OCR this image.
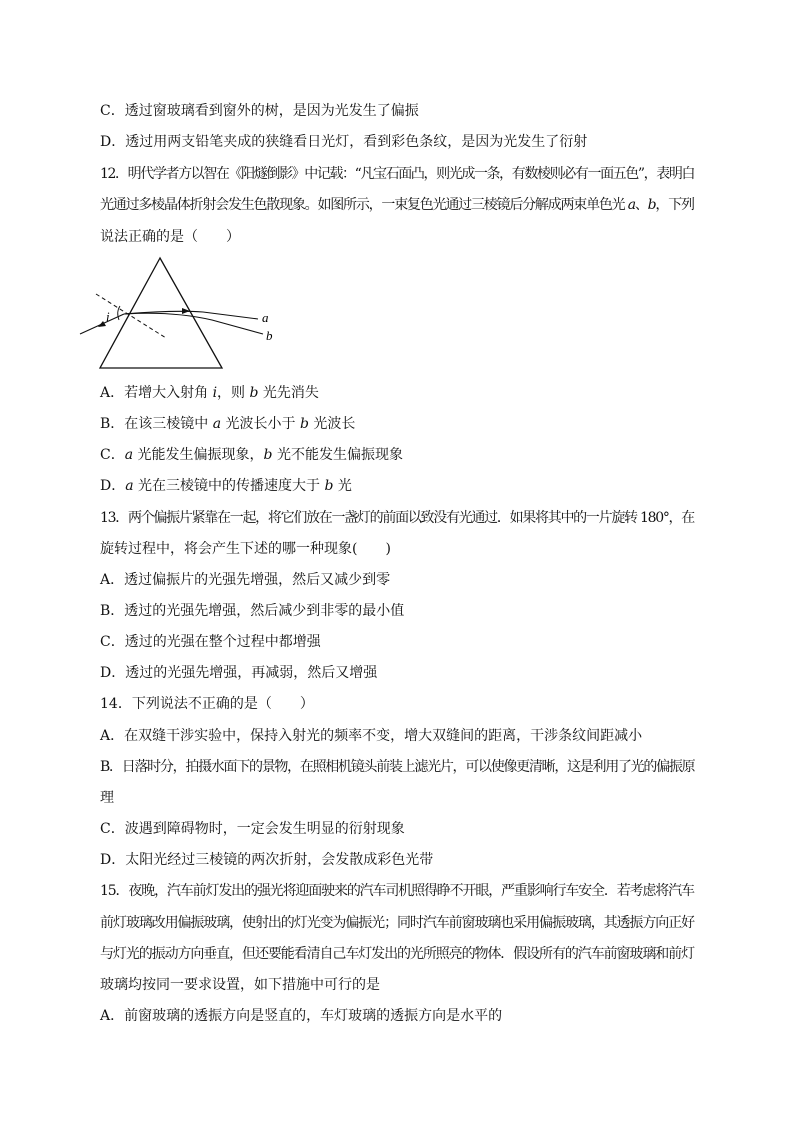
C．透过窗玻璃看到窗外的树，是因为光发生了偏振
D．透过用两支铅笔夹成的狭缝看日光灯，看到彩色条纹，是因为光发生了衍射
12．明代学者方以智在《阳燧倒影》中记载：“凡宝石面凸，则光成一条，有数棱则必有一面五色”，表明白
光通过多棱晶体折射会发生色散现象。如图所示，一束复色光通过三棱镜后分解成两束单色光 a、b，下列
说法正确的是（　　）
i	a
b
A．若增大入射角 i，则 b 光先消失
B．在该三棱镜中 a 光波长小于 b 光波长
C．a 光能发生偏振现象，b 光不能发生偏振现象
D．a 光在三棱镜中的传播速度大于 b 光
13．两个偏振片紧靠在一起，将它们放在一盏灯的前面以致没有光通过．如果将其中的一片旋转 180°，在
旋转过程中，将会产生下述的哪一种现象(　　)
A．透过偏振片的光强先增强，然后又减少到零
B．透过的光强先增强，然后减少到非零的最小值
C．透过的光强在整个过程中都增强
D．透过的光强先增强，再减弱，然后又增强
14．下列说法不正确的是（　　）
A．在双缝干涉实验中，保持入射光的频率不变，增大双缝间的距离，干涉条纹间距减小
B．日落时分，拍摄水面下的景物，在照相机镜头前装上滤光片，可以使像更清晰，这是利用了光的偏振原
理
C．波遇到障碍物时，一定会发生明显的衍射现象
D．太阳光经过三棱镜的两次折射，会发散成彩色光带
15．夜晚，汽车前灯发出的强光将迎面驶来的汽车司机照得睁不开眼，严重影响行车安全．若考虑将汽车
前灯玻璃改用偏振玻璃，使射出的灯光变为偏振光；同时汽车前窗玻璃也采用偏振玻璃，其透振方向正好
与灯光的振动方向垂直，但还要能看清自己车灯发出的光所照亮的物体．假设所有的汽车前窗玻璃和前灯
玻璃均按同一要求设置，如下措施中可行的是
A．前窗玻璃的透振方向是竖直的，车灯玻璃的透振方向是水平的
